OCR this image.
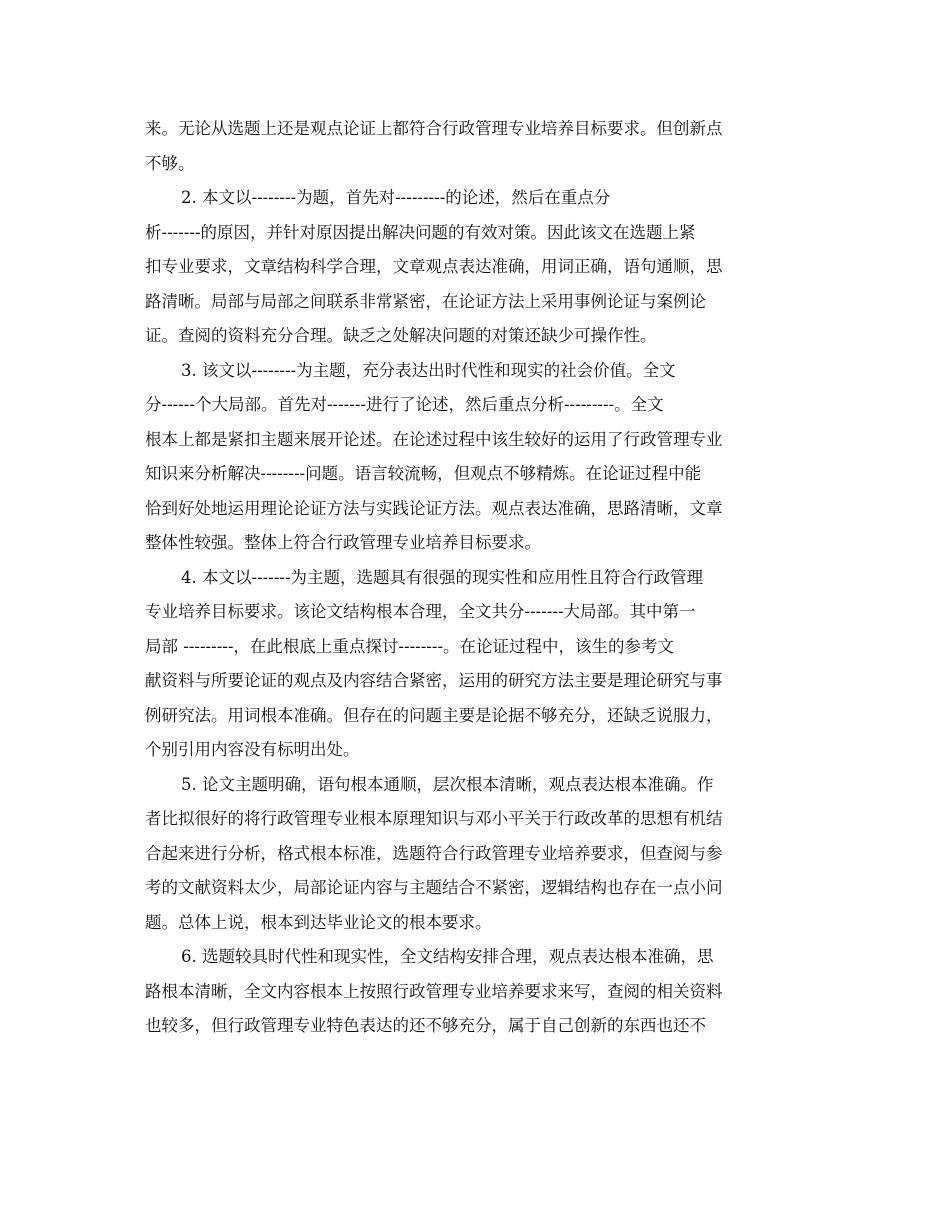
来。无论从选题上还是观点论证上都符合行政管理专业培养目标要求。但创新点
不够。
2. 本文以--------为题，首先对---------的论述，然后在重点分
析-------的原因，并针对原因提出解决问题的有效对策。因此该文在选题上紧
扣专业要求，文章结构科学合理，文章观点表达准确，用词正确，语句通顺，思
路清晰。局部与局部之间联系非常紧密，在论证方法上采用事例论证与案例论
证。查阅的资料充分合理。缺乏之处解决问题的对策还缺少可操作性。
3. 该文以--------为主题，充分表达出时代性和现实的社会价值。全文
分------个大局部。首先对-------进行了论述，然后重点分析---------。全文
根本上都是紧扣主题来展开论述。在论述过程中该生较好的运用了行政管理专业
知识来分析解决--------问题。语言较流畅，但观点不够精炼。在论证过程中能
恰到好处地运用理论论证方法与实践论证方法。观点表达准确，思路清晰，文章
整体性较强。整体上符合行政管理专业培养目标要求。
4. 本文以-------为主题，选题具有很强的现实性和应用性且符合行政管理
专业培养目标要求。该论文结构根本合理，全文共分-------大局部。其中第一
局部 ---------，在此根底上重点探讨--------。在论证过程中，该生的参考文
献资料与所要论证的观点及内容结合紧密，运用的研究方法主要是理论研究与事
例研究法。用词根本准确。但存在的问题主要是论据不够充分，还缺乏说服力，
个别引用内容没有标明出处。
5. 论文主题明确，语句根本通顺，层次根本清晰，观点表达根本准确。作
者比拟很好的将行政管理专业根本原理知识与邓小平关于行政改革的思想有机结
合起来进行分析，格式根本标准，选题符合行政管理专业培养要求，但查阅与参
考的文献资料太少，局部论证内容与主题结合不紧密，逻辑结构也存在一点小问
题。总体上说，根本到达毕业论文的根本要求。
6. 选题较具时代性和现实性，全文结构安排合理，观点表达根本准确，思
路根本清晰，全文内容根本上按照行政管理专业培养要求来写，查阅的相关资料
也较多，但行政管理专业特色表达的还不够充分，属于自己创新的东西也还不
